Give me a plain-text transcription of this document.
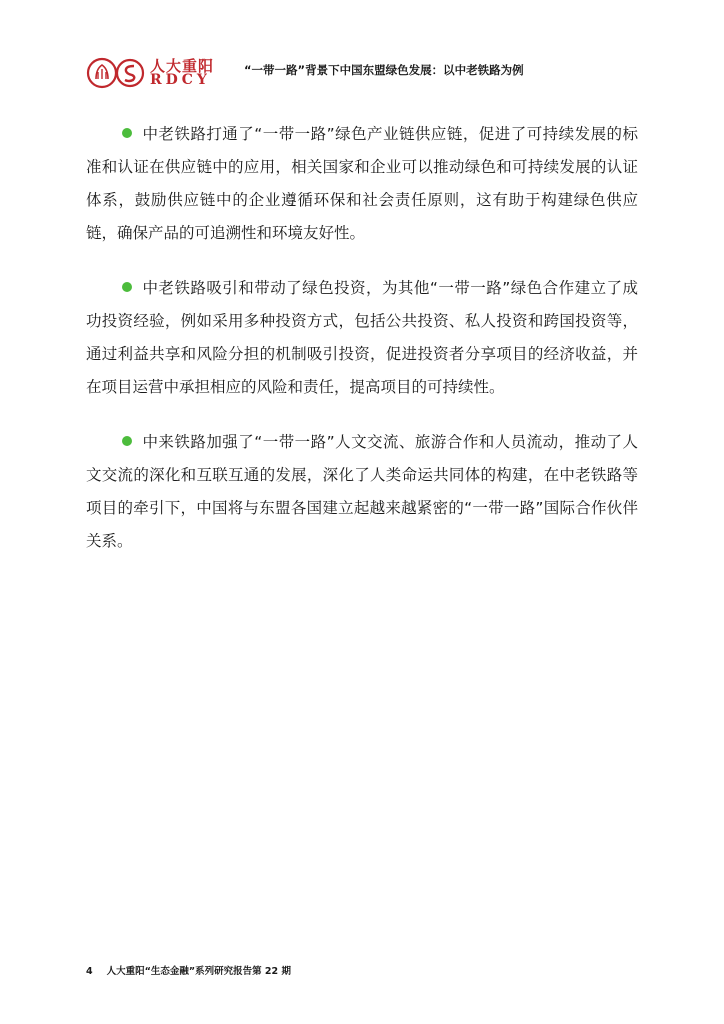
人大重阳
RDCY
“一带一路”背景下中国东盟绿色发展：以中老铁路为例

中老铁路打通了“一带一路”绿色产业链供应链，促进了可持续发展的标准和认证在供应链中的应用，相关国家和企业可以推动绿色和可持续发展的认证体系，鼓励供应链中的企业遵循环保和社会责任原则，这有助于构建绿色供应链，确保产品的可追溯性和环境友好性。

中老铁路吸引和带动了绿色投资，为其他“一带一路”绿色合作建立了成功投资经验，例如采用多种投资方式，包括公共投资、私人投资和跨国投资等，通过利益共享和风险分担的机制吸引投资，促进投资者分享项目的经济收益，并在项目运营中承担相应的风险和责任，提高项目的可持续性。

中来铁路加强了“一带一路”人文交流、旅游合作和人员流动，推动了人文交流的深化和互联互通的发展，深化了人类命运共同体的构建，在中老铁路等项目的牵引下，中国将与东盟各国建立起越来越紧密的“一带一路”国际合作伙伴关系。

4 人大重阳“生态金融”系列研究报告第 22 期
